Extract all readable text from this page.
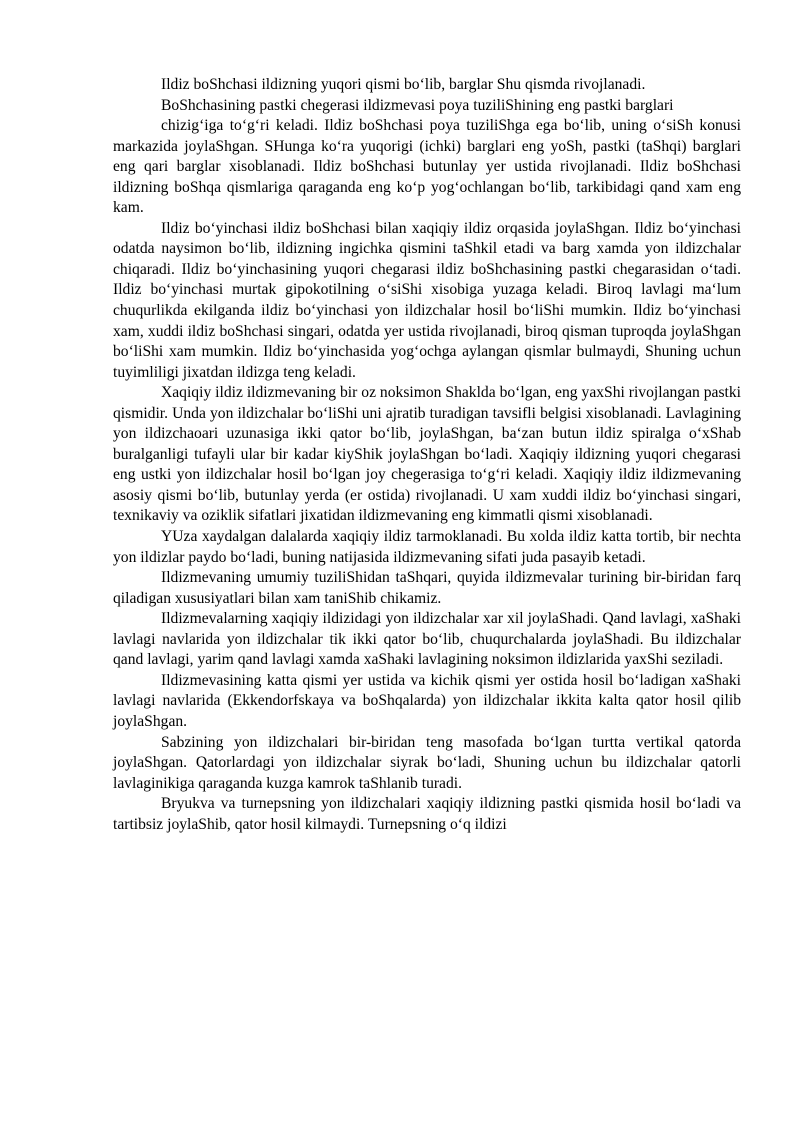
Ildiz boShchasi ildizning yuqori qismi bo‘lib, barglar Shu qismda rivojlanadi.

BoShchasining pastki chegerasi ildizmevasi poya tuziliShining eng pastki barglari

chizig‘iga to‘g‘ri keladi. Ildiz boShchasi poya tuziliShga ega bo‘lib, uning o‘siSh konusi markazida joylaShgan. SHunga ko‘ra yuqorigi (ichki) barglari eng yoSh, pastki (taShqi) barglari eng qari barglar xisoblanadi. Ildiz boShchasi butunlay yer ustida rivojlanadi. Ildiz boShchasi ildizning boShqa qismlariga qaraganda eng ko‘p yog‘ochlangan bo‘lib, tarkibidagi qand xam eng kam.

Ildiz bo‘yinchasi ildiz boShchasi bilan xaqiqiy ildiz orqasida joylaShgan. Ildiz bo‘yinchasi odatda naysimon bo‘lib, ildizning ingichka qismini taShkil etadi va barg xamda yon ildizchalar chiqaradi. Ildiz bo‘yinchasining yuqori chegarasi ildiz boShchasining pastki chegarasidan o‘tadi. Ildiz bo‘yinchasi murtak gipokotilning o‘siShi xisobiga yuzaga keladi. Biroq lavlagi ma‘lum chuqurlikda ekilganda ildiz bo‘yinchasi yon ildizchalar hosil bo‘liShi mumkin. Ildiz bo‘yinchasi xam, xuddi ildiz boShchasi singari, odatda yer ustida rivojlanadi, biroq qisman tuproqda joylaShgan bo‘liShi xam mumkin. Ildiz bo‘yinchasida yog‘ochga aylangan qismlar bulmaydi, Shuning uchun tuyimliligi jixatdan ildizga teng keladi.

Xaqiqiy ildiz ildizmevaning bir oz noksimon Shaklda bo‘lgan, eng yaxShi rivojlangan pastki qismidir. Unda yon ildizchalar bo‘liShi uni ajratib turadigan tavsifli belgisi xisoblanadi. Lavlagining yon ildizchaoari uzunasiga ikki qator bo‘lib, joylaShgan, ba‘zan butun ildiz spiralga o‘xShab buralganligi tufayli ular bir kadar kiyShik joylaShgan bo‘ladi. Xaqiqiy ildizning yuqori chegarasi eng ustki yon ildizchalar hosil bo‘lgan joy chegerasiga to‘g‘ri keladi. Xaqiqiy ildiz ildizmevaning asosiy qismi bo‘lib, butunlay yerda (er ostida) rivojlanadi. U xam xuddi ildiz bo‘yinchasi singari, texnikaviy va oziklik sifatlari jixatidan ildizmevaning eng kimmatli qismi xisoblanadi.

YUza xaydalgan dalalarda xaqiqiy ildiz tarmoklanadi. Bu xolda ildiz katta tortib, bir nechta yon ildizlar paydo bo‘ladi, buning natijasida ildizmevaning sifati juda pasayib ketadi.

Ildizmevaning umumiy tuziliShidan taShqari, quyida ildizmevalar turining bir-biridan farq qiladigan xususiyatlari bilan xam taniShib chikamiz.

Ildizmevalarning xaqiqiy ildizidagi yon ildizchalar xar xil joylaShadi. Qand lavlagi, xaShaki lavlagi navlarida yon ildizchalar tik ikki qator bo‘lib, chuqurchalarda joylaShadi. Bu ildizchalar qand lavlagi, yarim qand lavlagi xamda xaShaki lavlagining noksimon ildizlarida yaxShi seziladi.

Ildizmevasining katta qismi yer ustida va kichik qismi yer ostida hosil bo‘ladigan xaShaki lavlagi navlarida (Ekkendorfskaya va boShqalarda) yon ildizchalar ikkita kalta qator hosil qilib joylaShgan.

Sabzining yon ildizchalari bir-biridan teng masofada bo‘lgan turtta vertikal qatorda joylaShgan. Qatorlardagi yon ildizchalar siyrak bo‘ladi, Shuning uchun bu ildizchalar qatorli lavlaginikiga qaraganda kuzga kamrok taShlanib turadi.

Bryukva va turnepsning yon ildizchalari xaqiqiy ildizning pastki qismida hosil bo‘ladi va tartibsiz joylaShib, qator hosil kilmaydi. Turnepsning o‘q ildizi
